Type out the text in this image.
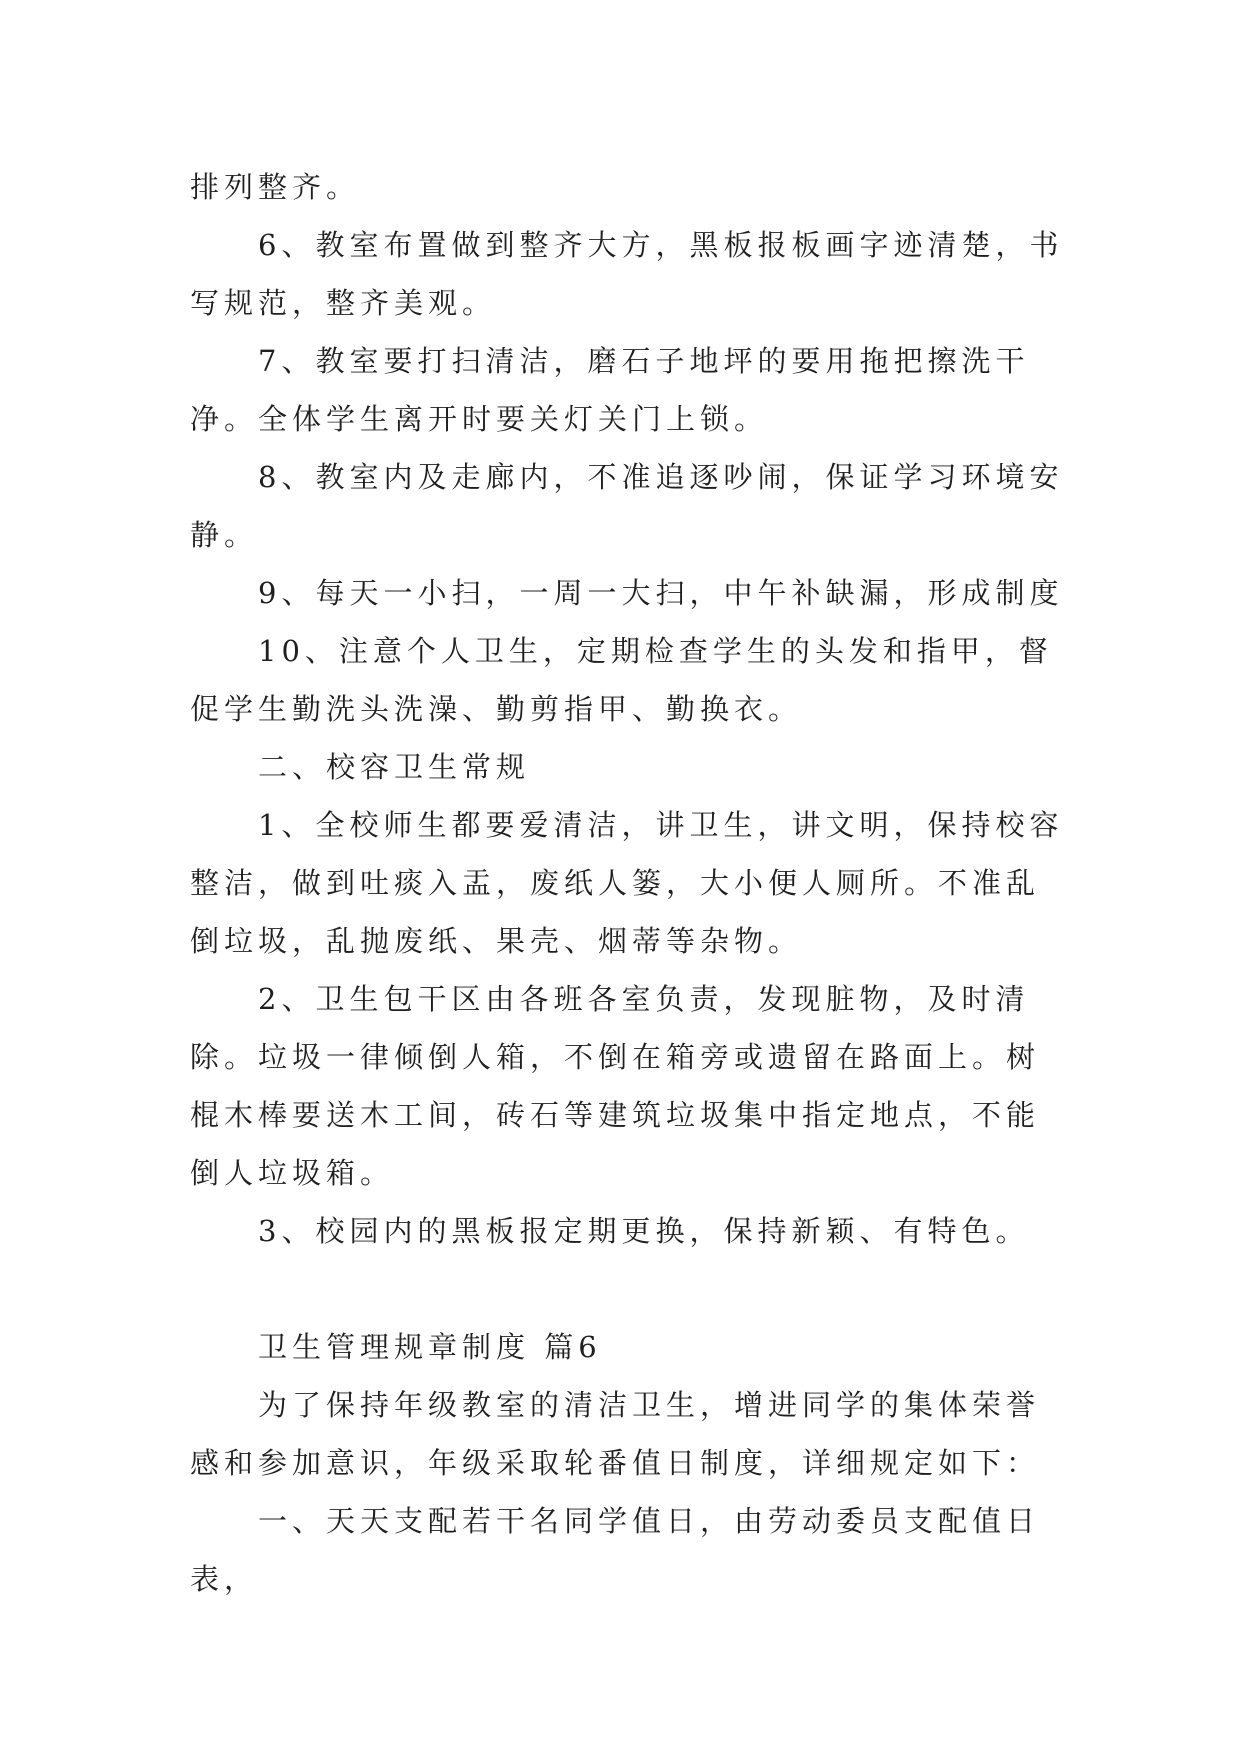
排列整齐。

6、教室布置做到整齐大方，黑板报板画字迹清楚，书写规范，整齐美观。

7、教室要打扫清洁，磨石子地坪的要用拖把擦洗干净。全体学生离开时要关灯关门上锁。

8、教室内及走廊内，不准追逐吵闹，保证学习环境安静。

9、每天一小扫，一周一大扫，中午补缺漏，形成制度

10、注意个人卫生，定期检查学生的头发和指甲，督促学生勤洗头洗澡、勤剪指甲、勤换衣。

二、校容卫生常规

1、全校师生都要爱清洁，讲卫生，讲文明，保持校容整洁，做到吐痰入盂，废纸人篓，大小便人厕所。不准乱倒垃圾，乱抛废纸、果壳、烟蒂等杂物。

2、卫生包干区由各班各室负责，发现脏物，及时清除。垃圾一律倾倒人箱，不倒在箱旁或遗留在路面上。树棍木棒要送木工间，砖石等建筑垃圾集中指定地点，不能倒人垃圾箱。

3、校园内的黑板报定期更换，保持新颖、有特色。

卫生管理规章制度 篇6

为了保持年级教室的清洁卫生，增进同学的集体荣誉感和参加意识，年级采取轮番值日制度，详细规定如下：

一、天天支配若干名同学值日，由劳动委员支配值日表，
